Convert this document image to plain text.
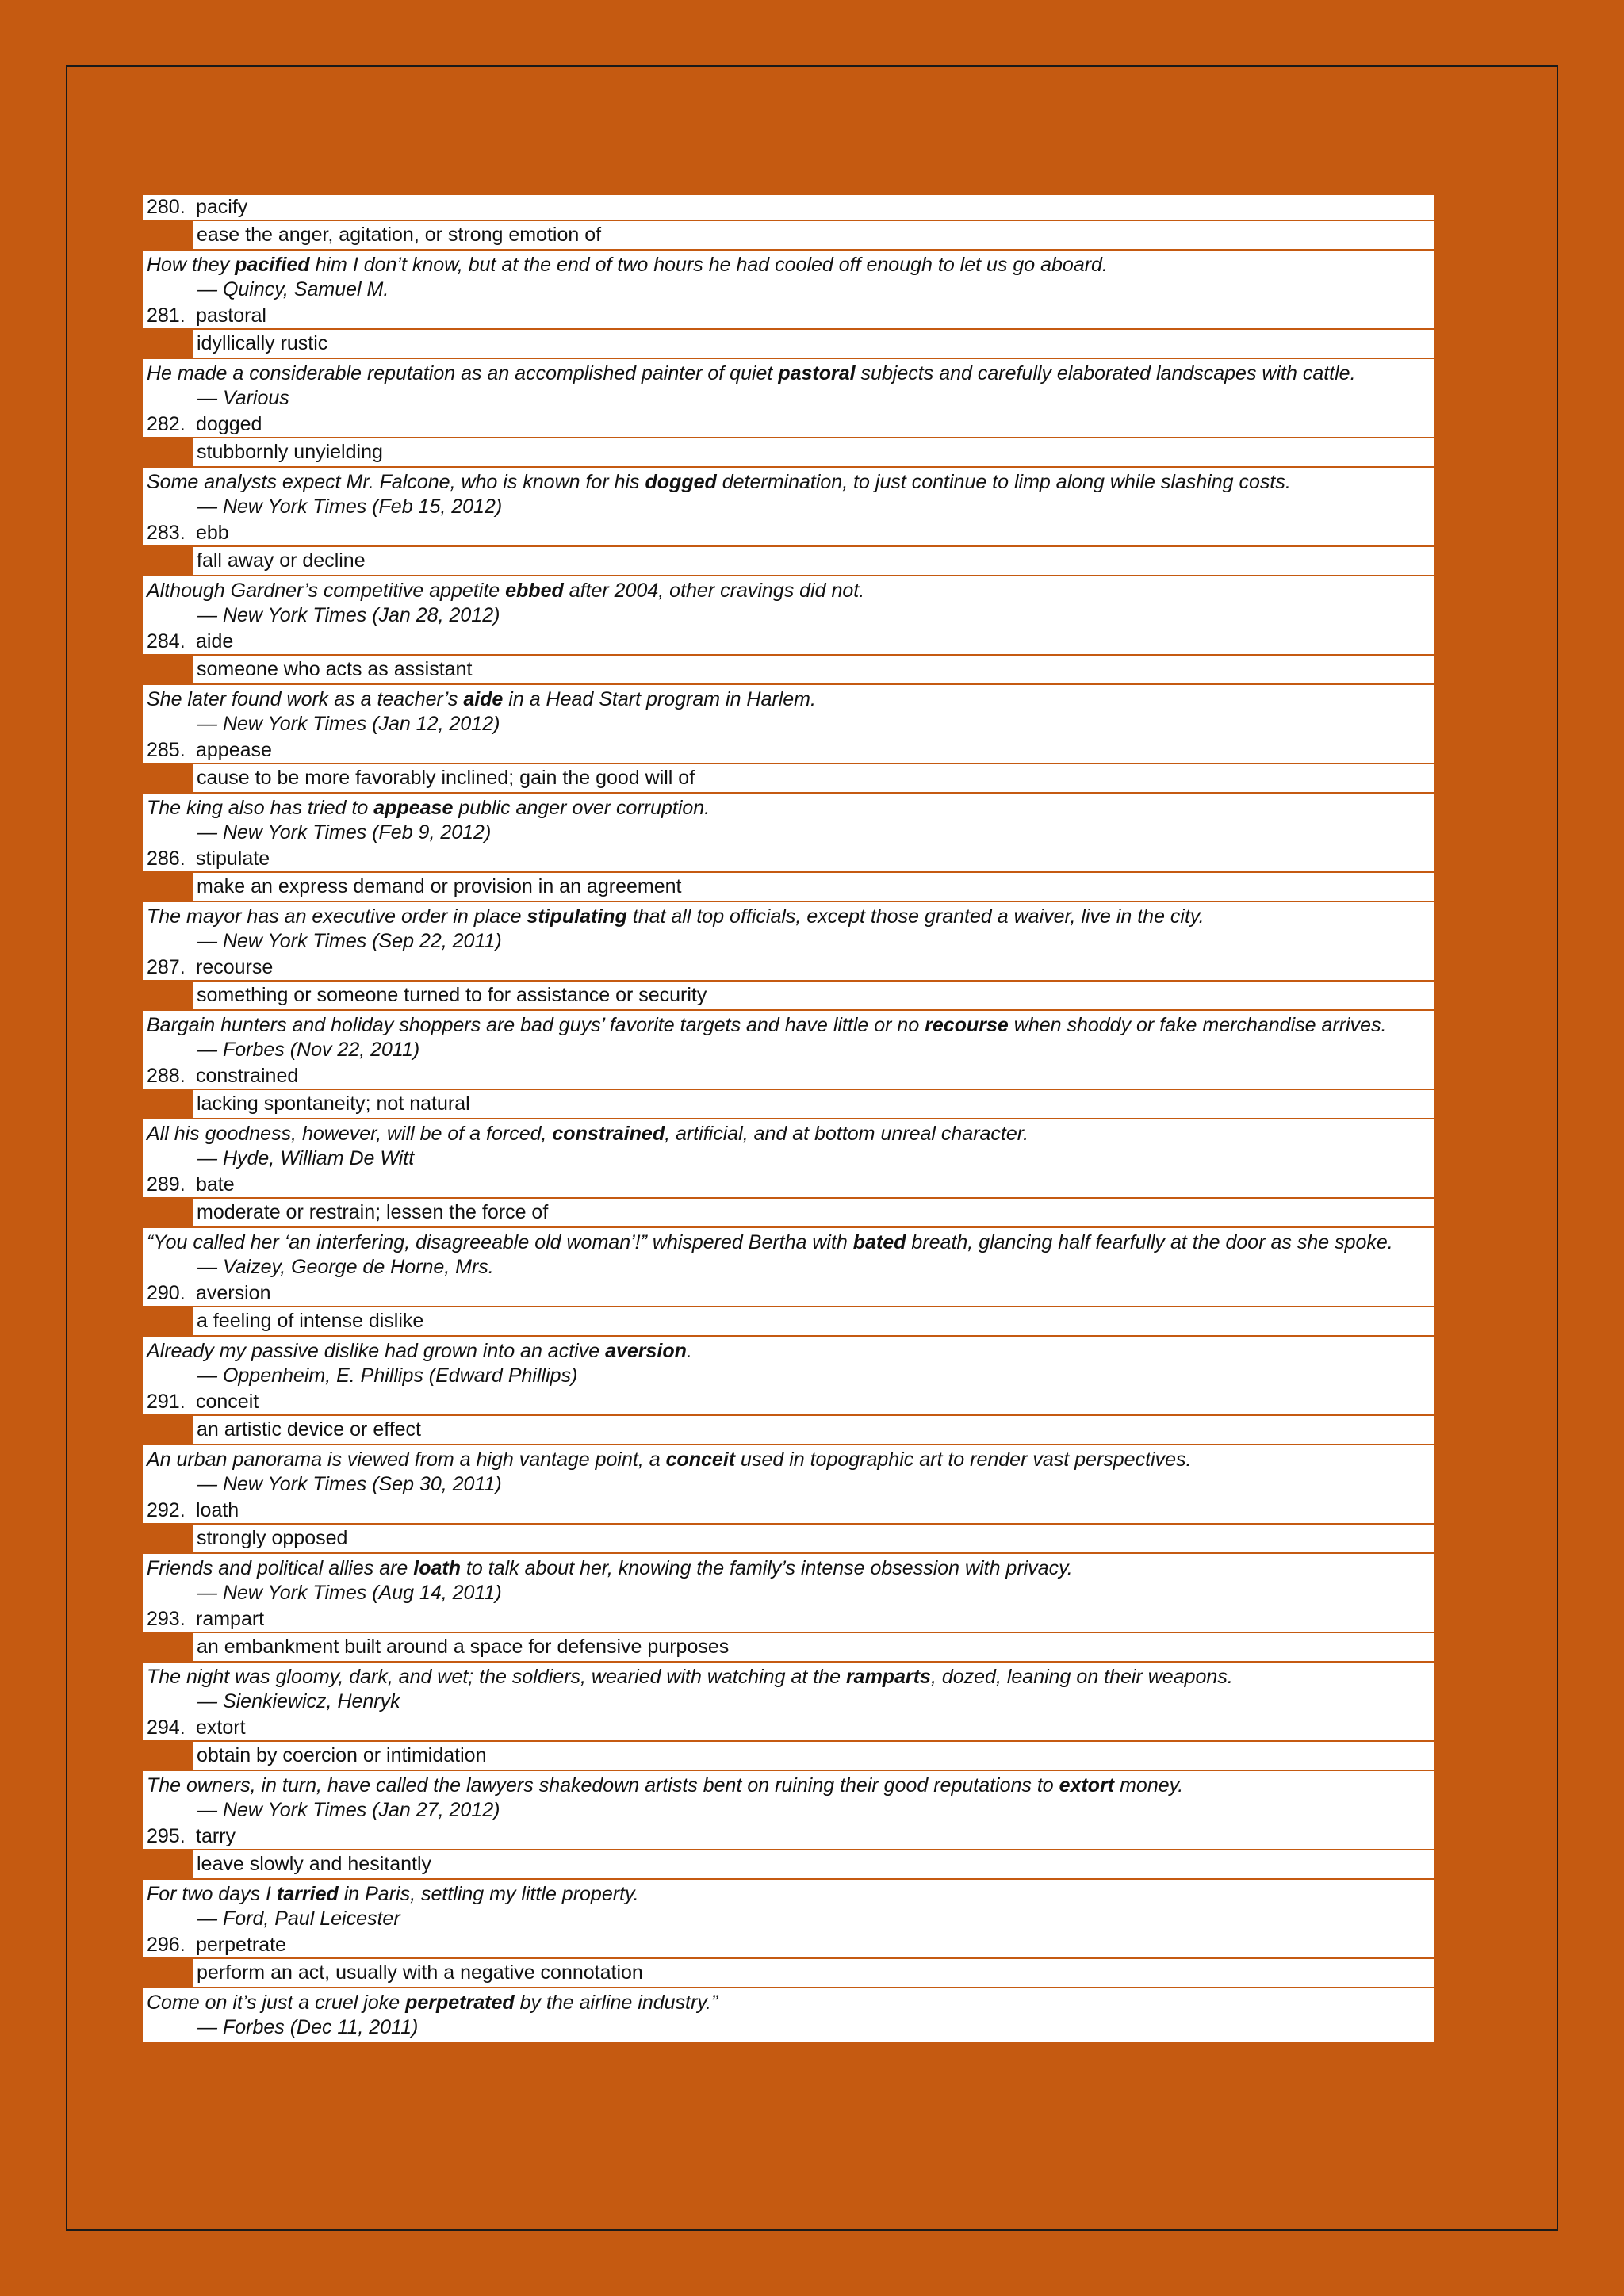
280. pacify
ease the anger, agitation, or strong emotion of
How they pacified him I don’t know, but at the end of two hours he had cooled off enough to let us go aboard.
— Quincy, Samuel M.
281. pastoral
idyllically rustic
He made a considerable reputation as an accomplished painter of quiet pastoral subjects and carefully elaborated landscapes with cattle.
— Various
282. dogged
stubbornly unyielding
Some analysts expect Mr. Falcone, who is known for his dogged determination, to just continue to limp along while slashing costs.
— New York Times (Feb 15, 2012)
283. ebb
fall away or decline
Although Gardner’s competitive appetite ebbed after 2004, other cravings did not.
— New York Times (Jan 28, 2012)
284. aide
someone who acts as assistant
She later found work as a teacher’s aide in a Head Start program in Harlem.
— New York Times (Jan 12, 2012)
285. appease
cause to be more favorably inclined; gain the good will of
The king also has tried to appease public anger over corruption.
— New York Times (Feb 9, 2012)
286. stipulate
make an express demand or provision in an agreement
The mayor has an executive order in place stipulating that all top officials, except those granted a waiver, live in the city.
— New York Times (Sep 22, 2011)
287. recourse
something or someone turned to for assistance or security
Bargain hunters and holiday shoppers are bad guys’ favorite targets and have little or no recourse when shoddy or fake merchandise arrives.
— Forbes (Nov 22, 2011)
288. constrained
lacking spontaneity; not natural
All his goodness, however, will be of a forced, constrained, artificial, and at bottom unreal character.
— Hyde, William De Witt
289. bate
moderate or restrain; lessen the force of
“You called her ‘an interfering, disagreeable old woman’!” whispered Bertha with bated breath, glancing half fearfully at the door as she spoke.
— Vaizey, George de Horne, Mrs.
290. aversion
a feeling of intense dislike
Already my passive dislike had grown into an active aversion.
— Oppenheim, E. Phillips (Edward Phillips)
291. conceit
an artistic device or effect
An urban panorama is viewed from a high vantage point, a conceit used in topographic art to render vast perspectives.
— New York Times (Sep 30, 2011)
292. loath
strongly opposed
Friends and political allies are loath to talk about her, knowing the family’s intense obsession with privacy.
— New York Times (Aug 14, 2011)
293. rampart
an embankment built around a space for defensive purposes
The night was gloomy, dark, and wet; the soldiers, wearied with watching at the ramparts, dozed, leaning on their weapons.
— Sienkiewicz, Henryk
294. extort
obtain by coercion or intimidation
The owners, in turn, have called the lawyers shakedown artists bent on ruining their good reputations to extort money.
— New York Times (Jan 27, 2012)
295. tarry
leave slowly and hesitantly
For two days I tarried in Paris, settling my little property.
— Ford, Paul Leicester
296. perpetrate
perform an act, usually with a negative connotation
Come on it’s just a cruel joke perpetrated by the airline industry.”
— Forbes (Dec 11, 2011)
